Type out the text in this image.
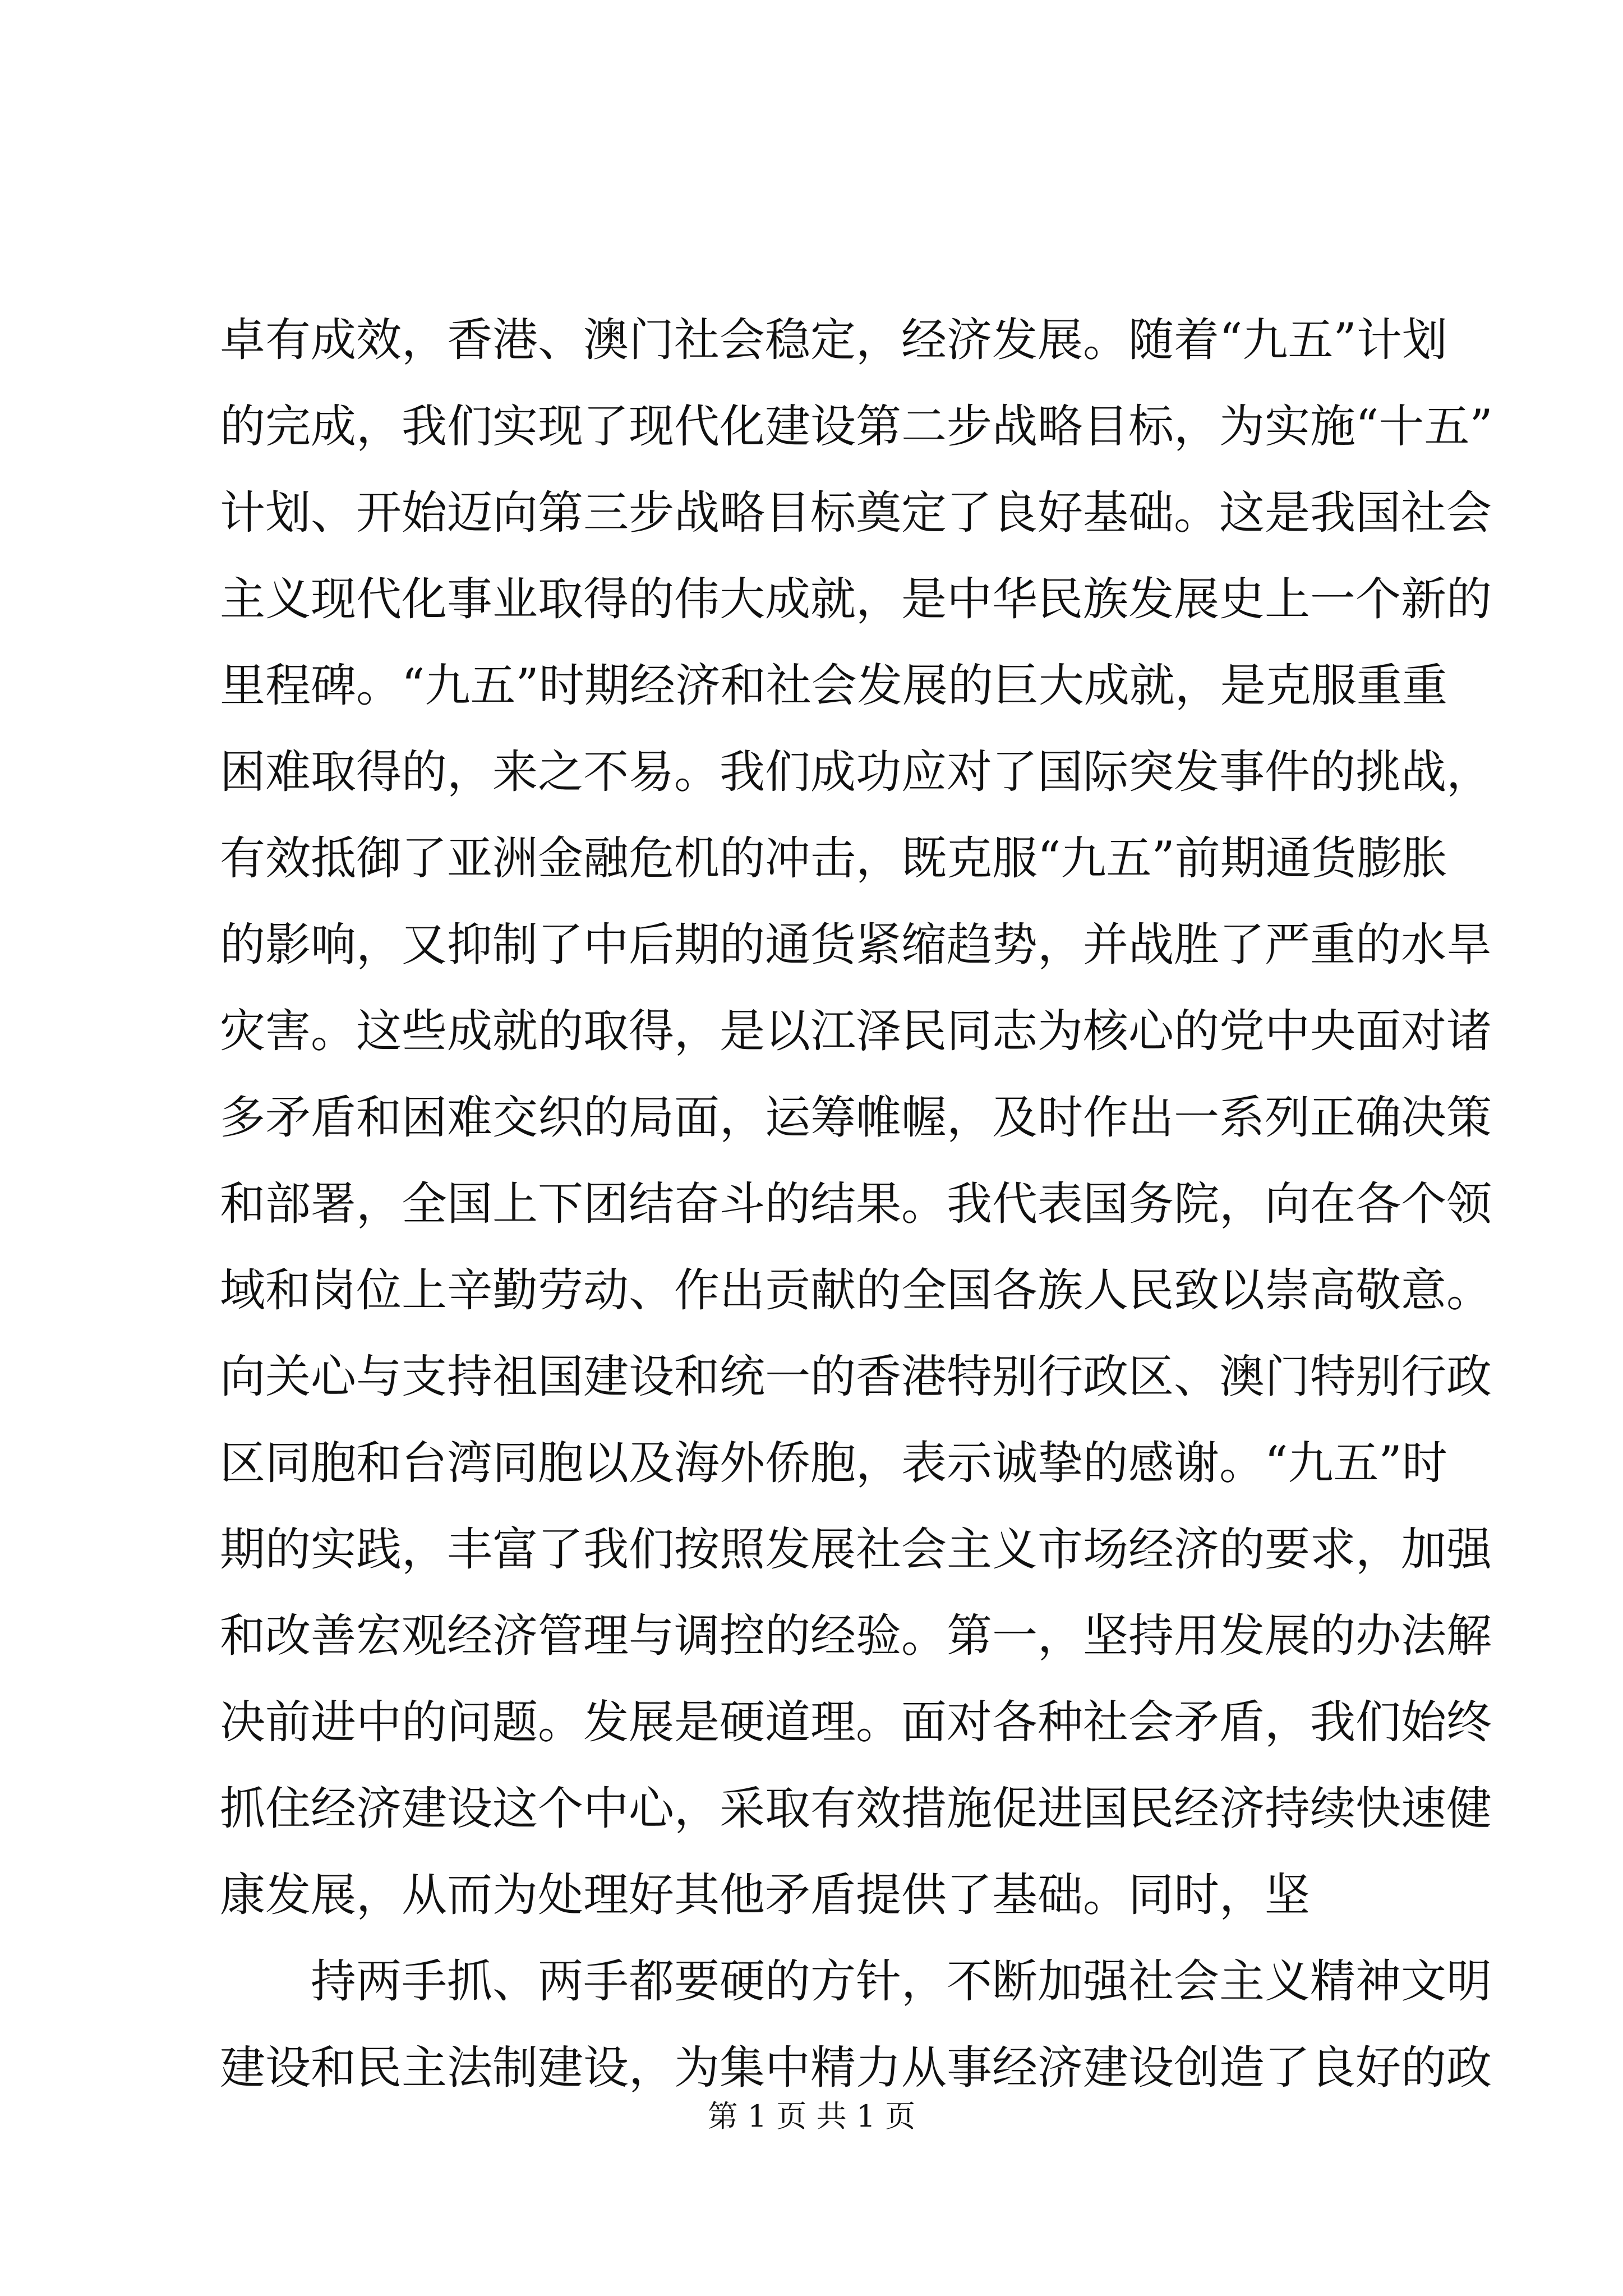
卓有成效，香港、澳门社会稳定，经济发展。随着“九五”计划
的完成，我们实现了现代化建设第二步战略目标，为实施“十五”
计划、开始迈向第三步战略目标奠定了良好基础。这是我国社会
主义现代化事业取得的伟大成就，是中华民族发展史上一个新的
里程碑。“九五”时期经济和社会发展的巨大成就，是克服重重
困难取得的，来之不易。我们成功应对了国际突发事件的挑战，
有效抵御了亚洲金融危机的冲击，既克服“九五”前期通货膨胀
的影响，又抑制了中后期的通货紧缩趋势，并战胜了严重的水旱
灾害。这些成就的取得，是以江泽民同志为核心的党中央面对诸
多矛盾和困难交织的局面，运筹帷幄，及时作出一系列正确决策
和部署，全国上下团结奋斗的结果。我代表国务院，向在各个领
域和岗位上辛勤劳动、作出贡献的全国各族人民致以崇高敬意。
向关心与支持祖国建设和统一的香港特别行政区、澳门特别行政
区同胞和台湾同胞以及海外侨胞，表示诚挚的感谢。“九五”时
期的实践，丰富了我们按照发展社会主义市场经济的要求，加强
和改善宏观经济管理与调控的经验。第一，坚持用发展的办法解
决前进中的问题。发展是硬道理。面对各种社会矛盾，我们始终
抓住经济建设这个中心，采取有效措施促进国民经济持续快速健
康发展，从而为处理好其他矛盾提供了基础。同时，坚
持两手抓、两手都要硬的方针，不断加强社会主义精神文明
建设和民主法制建设，为集中精力从事经济建设创造了良好的政
第 1 页 共 1 页
